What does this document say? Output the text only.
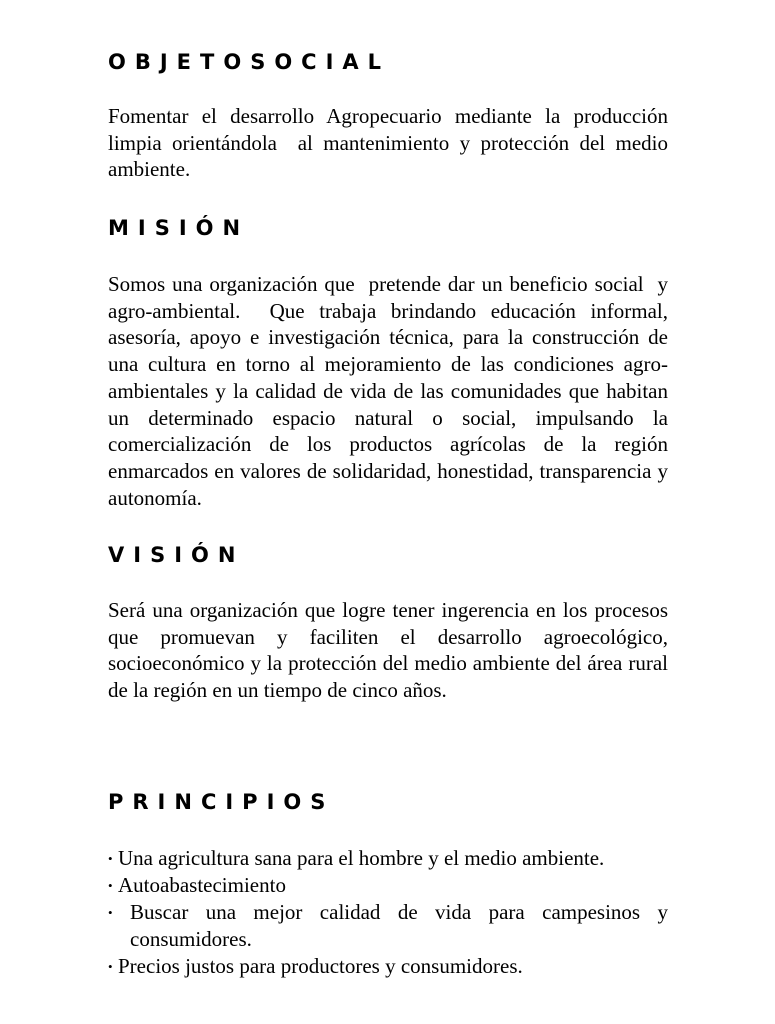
OBJETOSOCIAL

Fomentar el desarrollo Agropecuario mediante la producción limpia orientándola  al mantenimiento y protección del medio ambiente.

MISIÓN

Somos una organización que  pretende dar un beneficio social  y agro-ambiental.  Que trabaja brindando educación informal, asesoría, apoyo e investigación técnica, para la construcción de una cultura en torno al mejoramiento de las condiciones agro-ambientales y la calidad de vida de las comunidades que habitan un determinado espacio natural o social, impulsando la comercialización de los productos agrícolas de la región enmarcados en valores de solidaridad, honestidad, transparencia y autonomía.

VISIÓN

Será una organización que logre tener ingerencia en los procesos que promuevan y faciliten el desarrollo agroecológico, socioeconómico y la protección del medio ambiente del área rural de la región en un tiempo de cinco años.

PRINCIPIOS
• Una agricultura sana para el hombre y el medio ambiente.
• Autoabastecimiento
• Buscar una mejor calidad de vida para campesinos y consumidores.
• Precios justos para productores y consumidores.
